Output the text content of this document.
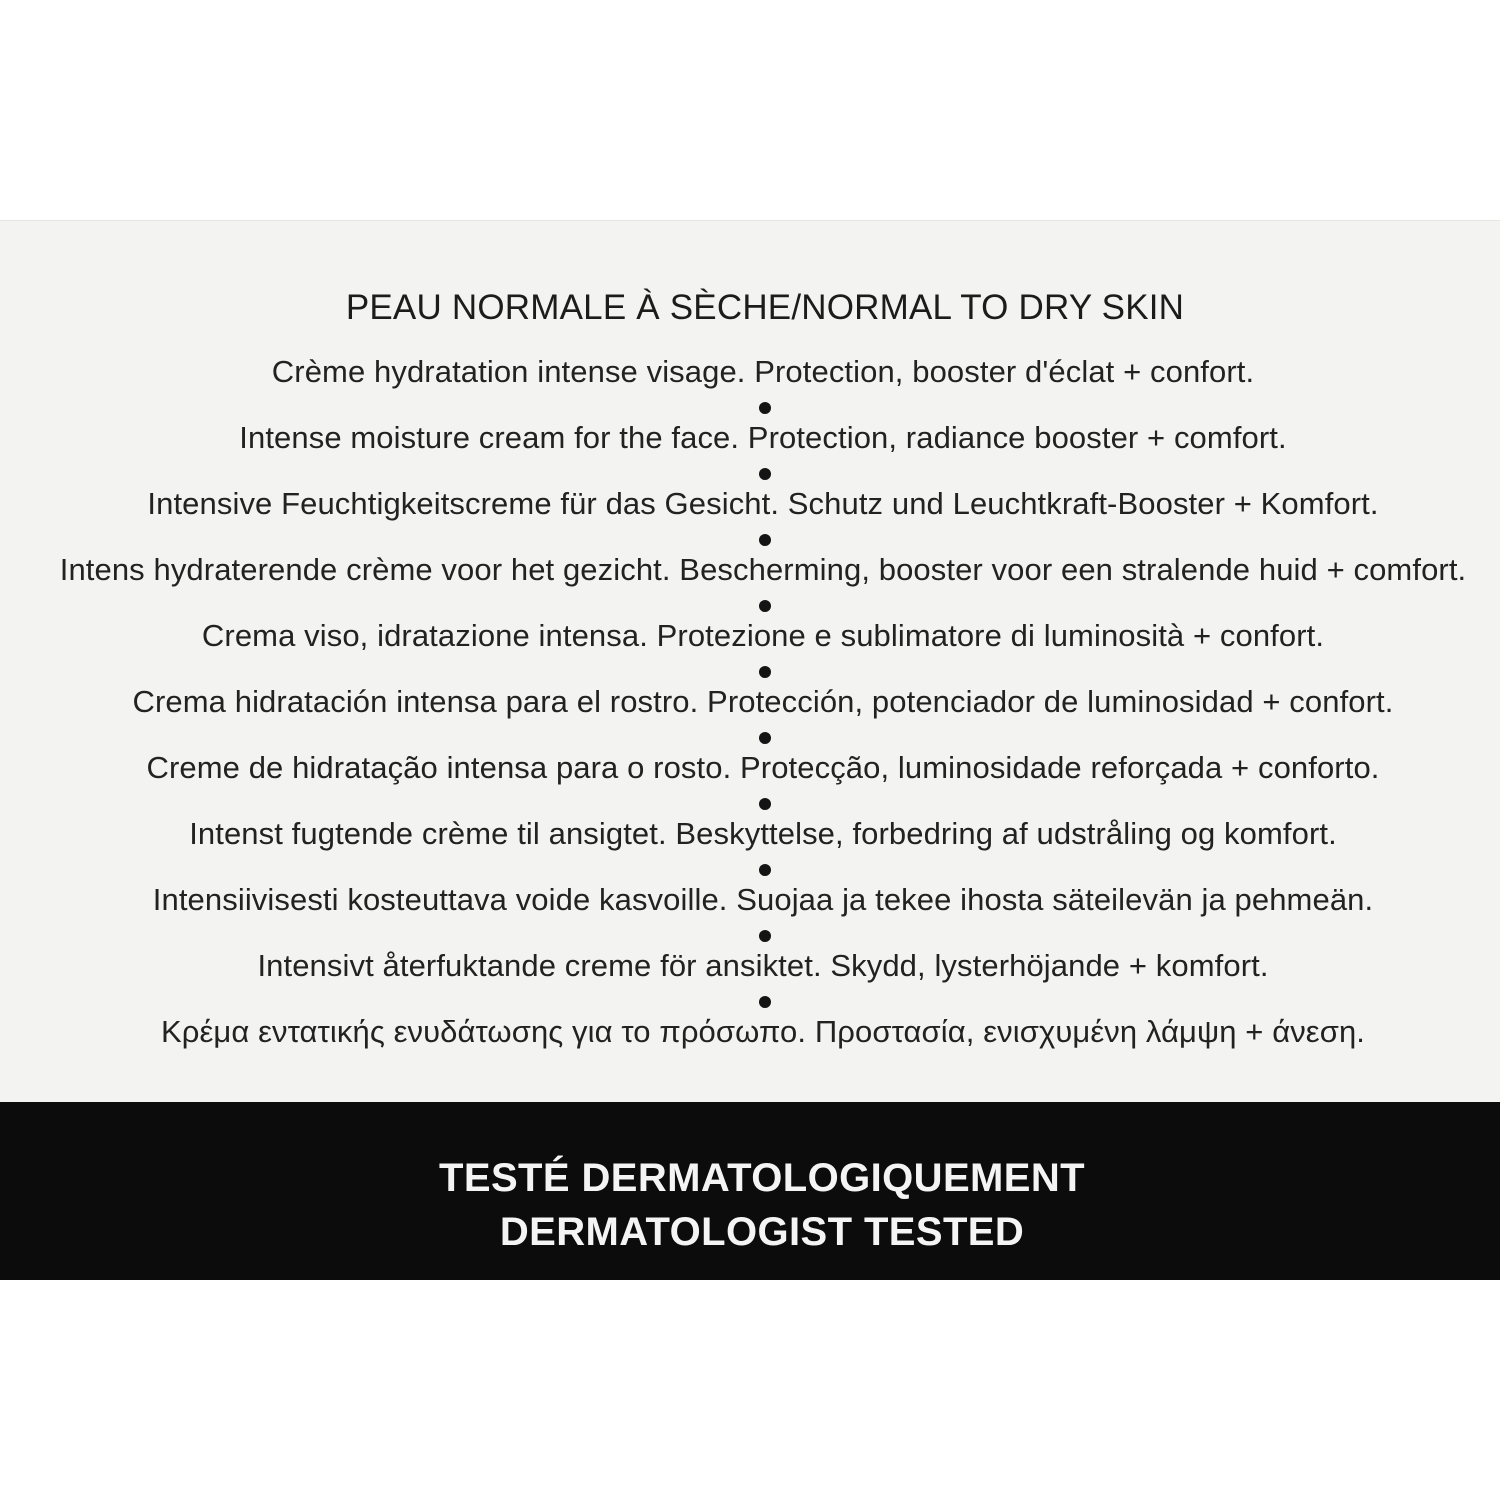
PEAU NORMALE À SÈCHE/NORMAL TO DRY SKIN
Crème hydratation intense visage. Protection, booster d'éclat + confort.
Intense moisture cream for the face. Protection, radiance booster + comfort.
Intensive Feuchtigkeitscreme für das Gesicht. Schutz und Leuchtkraft-Booster + Komfort.
Intens hydraterende crème voor het gezicht. Bescherming, booster voor een stralende huid + comfort.
Crema viso, idratazione intensa. Protezione e sublimatore di luminosità + confort.
Crema hidratación intensa para el rostro. Protección, potenciador de luminosidad + confort.
Creme de hidratação intensa para o rosto. Protecção, luminosidade reforçada + conforto.
Intenst fugtende crème til ansigtet. Beskyttelse, forbedring af udstråling og komfort.
Intensiivisesti kosteuttava voide kasvoille. Suojaa ja tekee ihosta säteilevän ja pehmeän.
Intensivt återfuktande creme för ansiktet. Skydd, lysterhöjande + komfort.
Κρέμα εντατικής ενυδάτωσης για το πρόσωπο. Προστασία, ενισχυμένη λάμψη + άνεση.
TESTÉ DERMATOLOGIQUEMENT
DERMATOLOGIST TESTED
